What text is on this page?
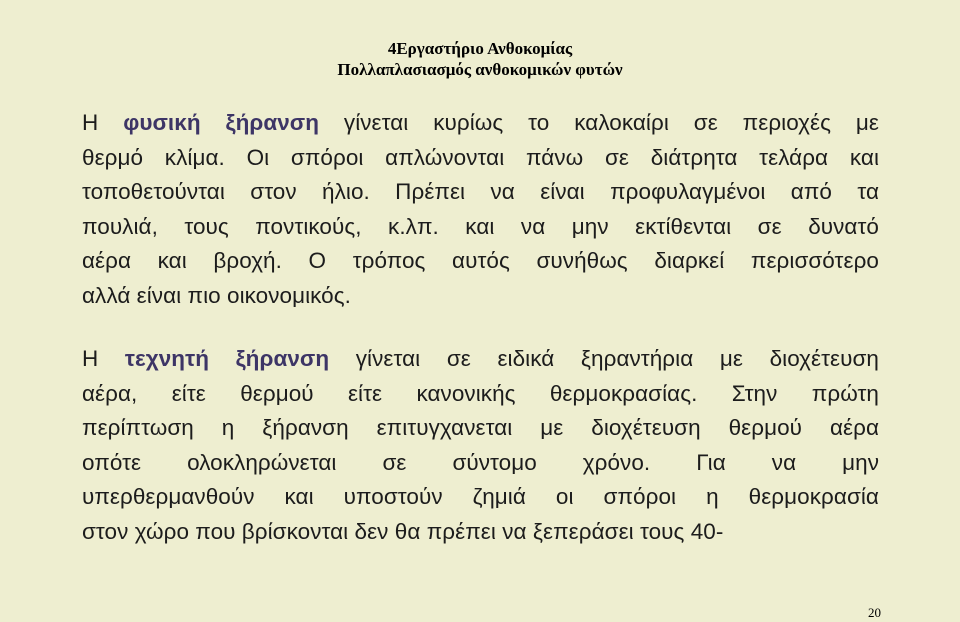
4Εργαστήριο Ανθοκομίας
Πολλαπλασιασμός ανθοκομικών φυτών
Η φυσική ξήρανση γίνεται κυρίως το καλοκαίρι σε περιοχές με
θερμό κλίμα. Οι σπόροι απλώνονται πάνω σε διάτρητα τελάρα και
τοποθετούνται στον ήλιο. Πρέπει να είναι προφυλαγμένοι από τα
πουλιά, τους ποντικούς, κ.λπ. και να μην εκτίθενται σε δυνατό
αέρα και βροχή. Ο τρόπος αυτός συνήθως διαρκεί περισσότερο
αλλά είναι πιο οικονομικός.
Η τεχνητή ξήρανση γίνεται σε ειδικά ξηραντήρια με διοχέτευση
αέρα, είτε θερμού είτε κανονικής θερμοκρασίας. Στην πρώτη
περίπτωση η ξήρανση επιτυγχανεται με διοχέτευση θερμού αέρα
οπότε ολοκληρώνεται σε σύντομο χρόνο. Για να μην
υπερθερμανθούν και υποστούν ζημιά οι σπόροι η θερμοκρασία
στον χώρο που βρίσκονται δεν θα πρέπει να ξεπεράσει τους 40-
20
